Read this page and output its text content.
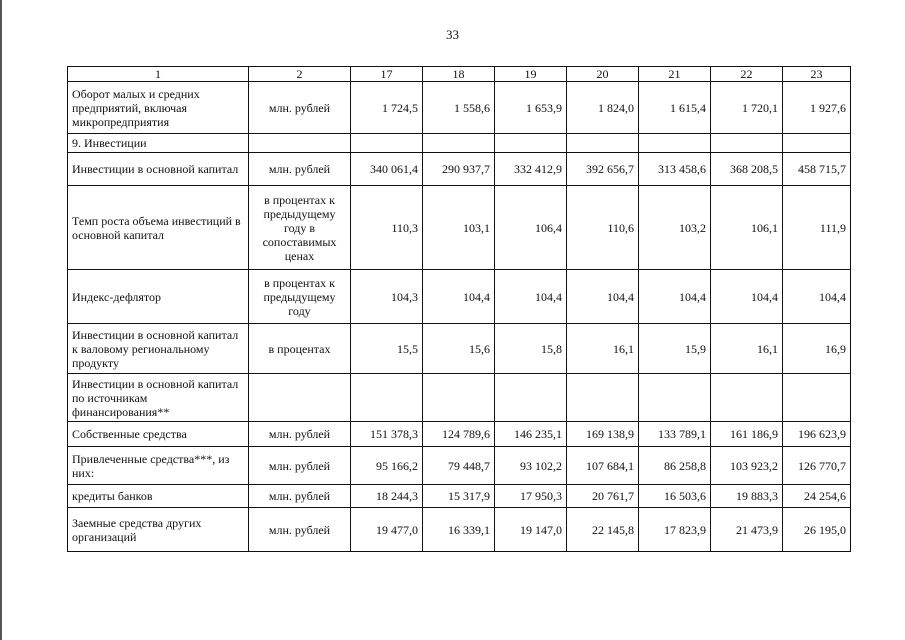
33
1	2	17	18	19	20	21	22	23
Оборот малых и средних предприятий, включая микропредприятия	млн. рублей	1 724,5	1 558,6	1 653,9	1 824,0	1 615,4	1 720,1	1 927,6
9. Инвестиции								
Инвестиции в основной капитал	млн. рублей	340 061,4	290 937,7	332 412,9	392 656,7	313 458,6	368 208,5	458 715,7
Темп роста объема инвестиций в основной капитал	в процентах к предыдущему году в сопоставимых ценах	110,3	103,1	106,4	110,6	103,2	106,1	111,9
Индекс-дефлятор	в процентах к предыдущему году	104,3	104,4	104,4	104,4	104,4	104,4	104,4
Инвестиции в основной капитал к валовому региональному продукту	в процентах	15,5	15,6	15,8	16,1	15,9	16,1	16,9
Инвестиции в основной капитал по источникам финансирования**								
Собственные средства	млн. рублей	151 378,3	124 789,6	146 235,1	169 138,9	133 789,1	161 186,9	196 623,9
Привлеченные средства***, из них:	млн. рублей	95 166,2	79 448,7	93 102,2	107 684,1	86 258,8	103 923,2	126 770,7
кредиты банков	млн. рублей	18 244,3	15 317,9	17 950,3	20 761,7	16 503,6	19 883,3	24 254,6
Заемные средства других организаций	млн. рублей	19 477,0	16 339,1	19 147,0	22 145,8	17 823,9	21 473,9	26 195,0
